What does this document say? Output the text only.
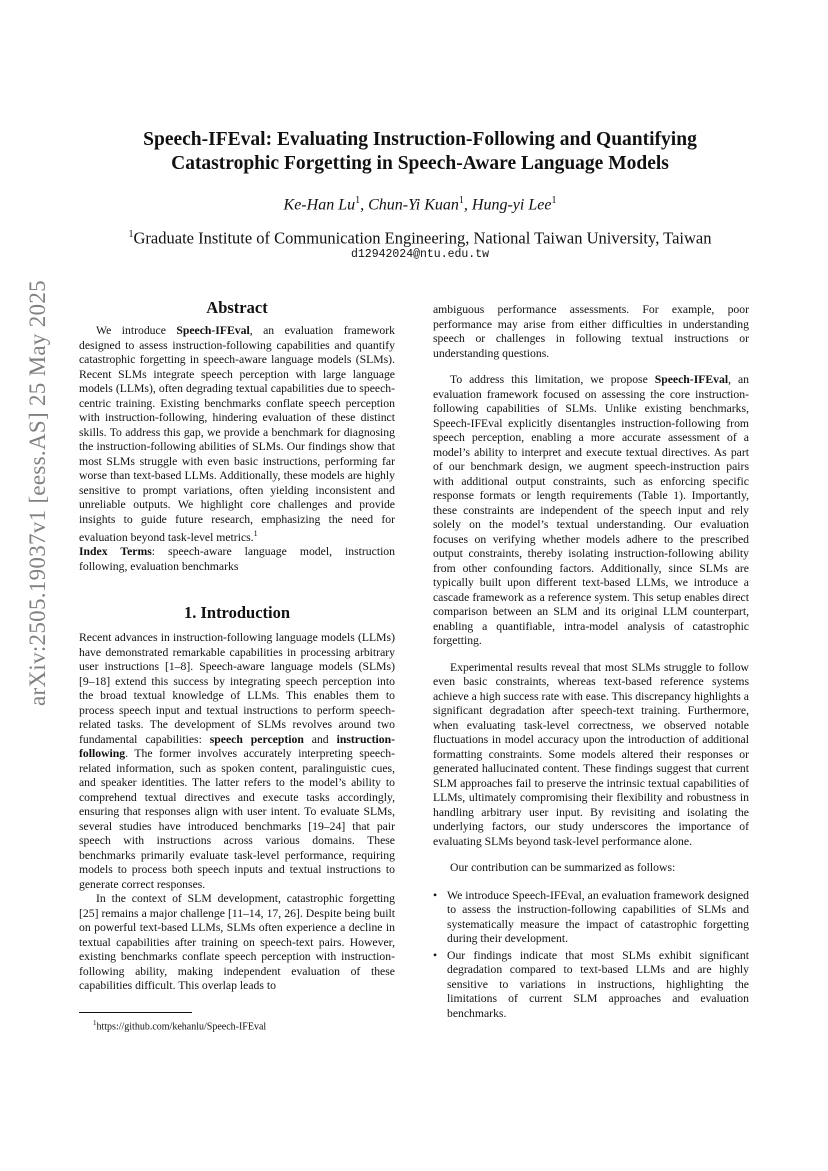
arXiv:2505.19037v1 [eess.AS] 25 May 2025
Speech-IFEval: Evaluating Instruction-Following and Quantifying
Catastrophic Forgetting in Speech-Aware Language Models
Ke-Han Lu$^1$, Chun-Yi Kuan$^1$, Hung-yi Lee$^1$
$^1$Graduate Institute of Communication Engineering, National Taiwan University, Taiwan
d12942024@ntu.edu.tw
Abstract

We introduce Speech-IFEval, an evaluation framework designed to assess instruction-following capabilities and quantify catastrophic forgetting in speech-aware language models (SLMs). Recent SLMs integrate speech perception with large language models (LLMs), often degrading textual capabilities due to speech-centric training. Existing benchmarks conflate speech perception with instruction-following, hindering evaluation of these distinct skills. To address this gap, we provide a benchmark for diagnosing the instruction-following abilities of SLMs. Our findings show that most SLMs struggle with even basic instructions, performing far worse than text-based LLMs. Additionally, these models are highly sensitive to prompt variations, often yielding inconsistent and unreliable outputs. We highlight core challenges and provide insights to guide future research, emphasizing the need for evaluation beyond task-level metrics.$^1$

Index Terms: speech-aware language model, instruction following, evaluation benchmarks

1. Introduction

Recent advances in instruction-following language models (LLMs) have demonstrated remarkable capabilities in processing arbitrary user instructions [1–8]. Speech-aware language models (SLMs) [9–18] extend this success by integrating speech perception into the broad textual knowledge of LLMs. This enables them to process speech input and textual instructions to perform speech-related tasks. The development of SLMs revolves around two fundamental capabilities: speech perception and instruction-following. The former involves accurately interpreting speech-related information, such as spoken content, paralinguistic cues, and speaker identities. The latter refers to the model’s ability to comprehend textual directives and execute tasks accordingly, ensuring that responses align with user intent. To evaluate SLMs, several studies have introduced benchmarks [19–24] that pair speech with instructions across various domains. These benchmarks primarily evaluate task-level performance, requiring models to process both speech inputs and textual instructions to generate correct responses.

In the context of SLM development, catastrophic forgetting [25] remains a major challenge [11–14, 17, 26]. Despite being built on powerful text-based LLMs, SLMs often experience a decline in textual capabilities after training on speech-text pairs. However, existing benchmarks conflate speech perception with instruction-following ability, making independent evaluation of these capabilities difficult. This overlap leads to

$^1$https://github.com/kehanlu/Speech-IFEval

ambiguous performance assessments. For example, poor performance may arise from either difficulties in understanding speech or challenges in following textual instructions or understanding questions.

To address this limitation, we propose Speech-IFEval, an evaluation framework focused on assessing the core instruction-following capabilities of SLMs. Unlike existing benchmarks, Speech-IFEval explicitly disentangles instruction-following from speech perception, enabling a more accurate assessment of a model’s ability to interpret and execute textual directives. As part of our benchmark design, we augment speech-instruction pairs with additional output constraints, such as enforcing specific response formats or length requirements (Table 1). Importantly, these constraints are independent of the speech input and rely solely on the model’s textual understanding. Our evaluation focuses on verifying whether models adhere to the prescribed output constraints, thereby isolating instruction-following ability from other confounding factors. Additionally, since SLMs are typically built upon different text-based LLMs, we introduce a cascade framework as a reference system. This setup enables direct comparison between an SLM and its original LLM counterpart, enabling a quantifiable, intra-model analysis of catastrophic forgetting.

Experimental results reveal that most SLMs struggle to follow even basic constraints, whereas text-based reference systems achieve a high success rate with ease. This discrepancy highlights a significant degradation after speech-text training. Furthermore, when evaluating task-level correctness, we observed notable fluctuations in model accuracy upon the introduction of additional formatting constraints. Some models altered their responses or generated hallucinated content. These findings suggest that current SLM approaches fail to preserve the intrinsic textual capabilities of LLMs, ultimately compromising their flexibility and robustness in handling arbitrary user input. By revisiting and isolating the underlying factors, our study underscores the importance of evaluating SLMs beyond task-level performance alone.

Our contribution can be summarized as follows:

• We introduce Speech-IFEval, an evaluation framework designed to assess the instruction-following capabilities of SLMs and systematically measure the impact of catastrophic forgetting during their development.
• Our findings indicate that most SLMs exhibit significant degradation compared to text-based LLMs and are highly sensitive to variations in instructions, highlighting the limitations of current SLM approaches and evaluation benchmarks.
